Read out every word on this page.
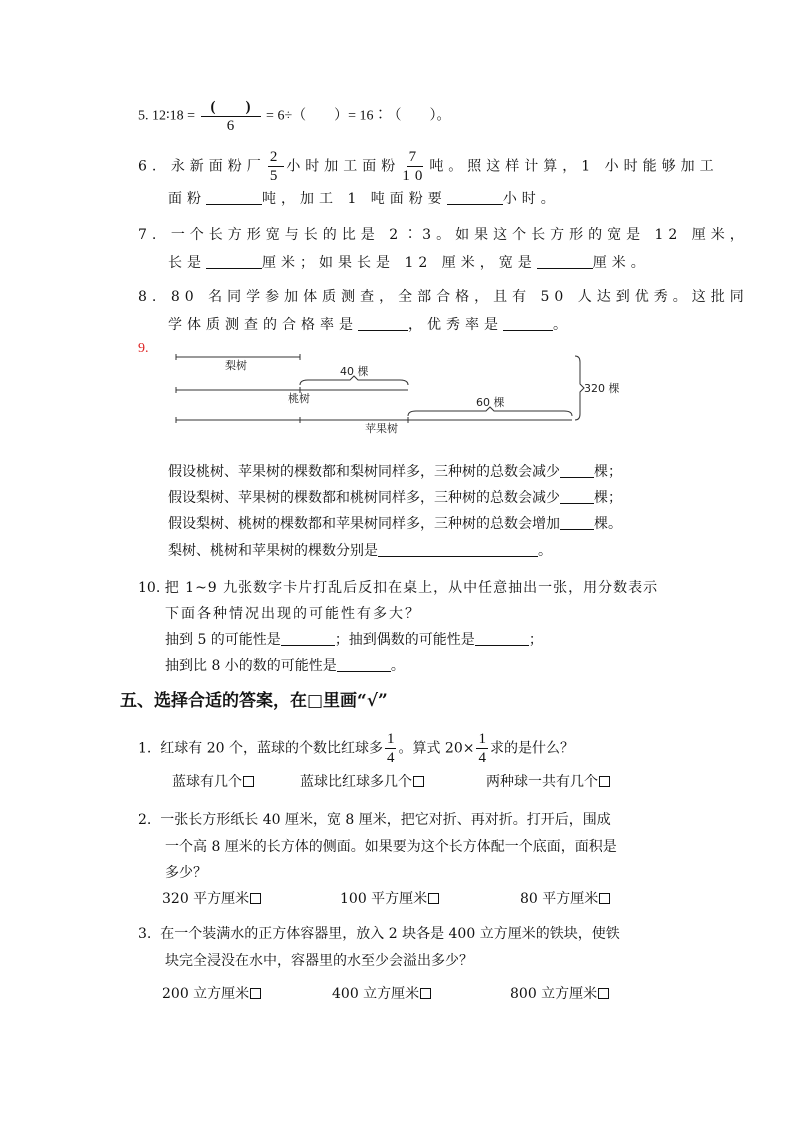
5. 12∶18 = $\frac{( )}{6} = 6\div$（　　）= 16∶（　　）。
6. 永新面粉厂 $\frac{2}{5}$ 小时加工面粉 $\frac{7}{10}$ 吨。照这样计算，1 小时能够加工
面粉	吨，加工 1 吨面粉要	小时。
7. 一个长方形宽与长的比是 2∶3。如果这个长方形的宽是 12 厘米，
长是	厘米；如果长是 12 厘米，宽是	厘米。
8. 80 名同学参加体质测查，全部合格，且有 50 人达到优秀。这批同
学体质测查的合格率是	，优秀率是	。
9.
梨树	40 棵
桃树	60 棵
苹果树
320 棵
假设桃树、苹果树的棵数都和梨树同样多，三种树的总数会减少 棵；
假设梨树、苹果树的棵数都和桃树同样多，三种树的总数会减少 棵；
假设梨树、桃树的棵数都和苹果树同样多，三种树的总数会增加 棵。
梨树、桃树和苹果树的棵数分别是	。
10. 把 1~9 九张数字卡片打乱后反扣在桌上，从中任意抽出一张，用分数表示
下面各种情况出现的可能性有多大？
抽到 5 的可能性是	；抽到偶数的可能性是	；
抽到比 8 小的数的可能性是	。
五、选择合适的答案，在□里画“√”
1. 红球有 20 个，蓝球的个数比红球多 $\frac{1}{4}$ 。算式 $20\times \frac{1}{4}$ 求的是什么？
蓝球有几个	蓝球比红球多几个	两种球一共有几个
2. 一张长方形纸长 40 厘米，宽 8 厘米，把它对折、再对折。打开后，围成
一个高 8 厘米的长方体的侧面。如果要为这个长方体配一个底面，面积是
多少？
320 平方厘米	100 平方厘米	80 平方厘米
3. 在一个装满水的正方体容器里，放入 2 块各是 400 立方厘米的铁块，使铁
块完全浸没在水中，容器里的水至少会溢出多少？
200 立方厘米	400 立方厘米	800 立方厘米
